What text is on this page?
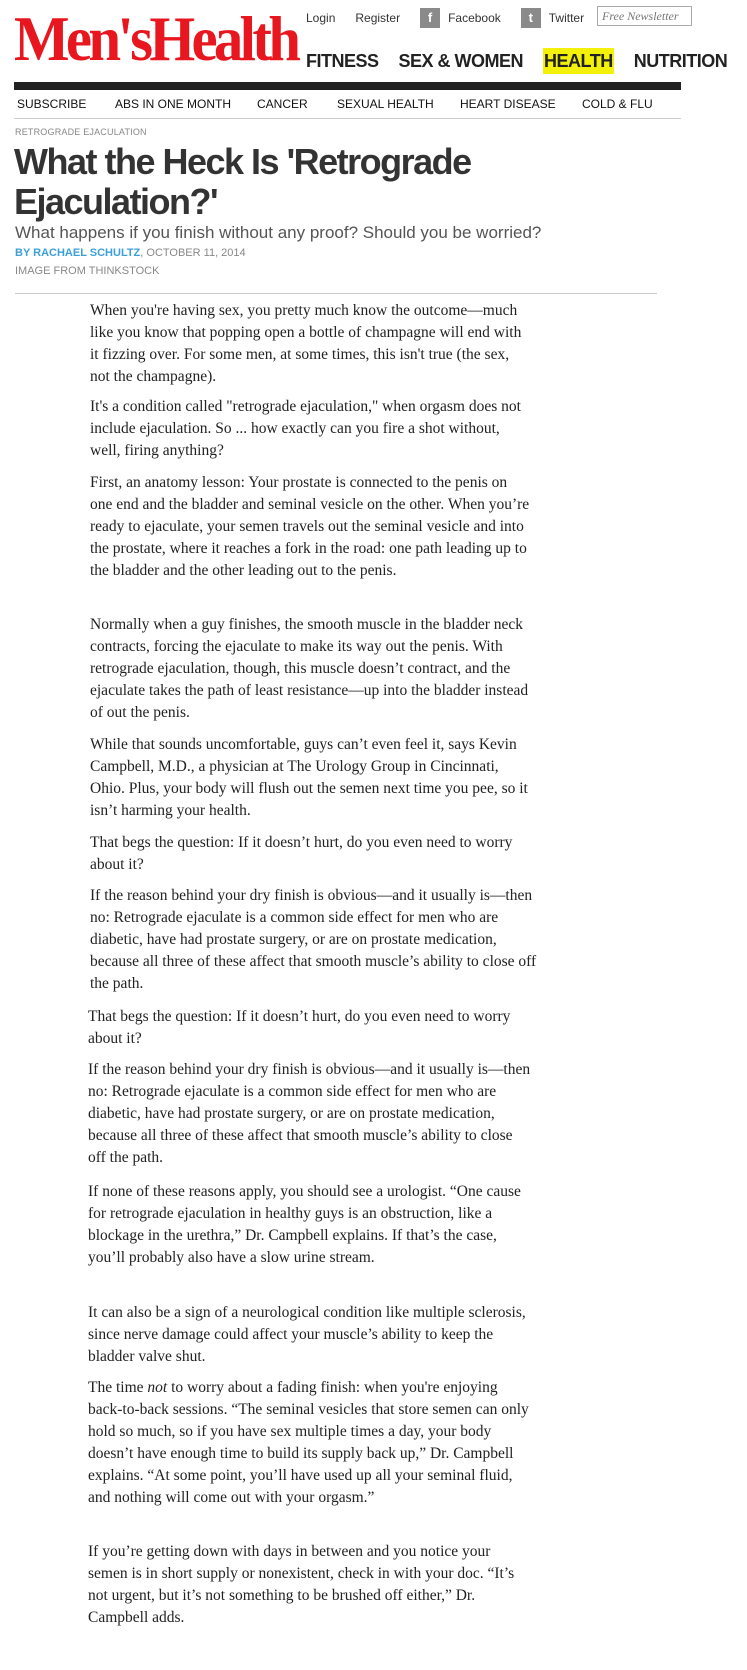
Men'sHealth Login Register	f	Facebook	t	Twitter
Free Newsletter
FITNESS SEX & WOMEN HEALTH NUTRITION
SUBSCRIBE	ABS IN ONE MONTH	CANCER	SEXUAL HEALTH	HEART DISEASE	COLD & FLU
RETROGRADE EJACULATION
What the Heck Is 'Retrograde Ejaculation?'
What happens if you finish without any proof? Should you be worried?
BY RACHAEL SCHULTZ, OCTOBER 11, 2014
IMAGE FROM THINKSTOCK

When you're having sex, you pretty much know the outcome—much like you know that popping open a bottle of champagne will end with it fizzing over. For some men, at some times, this isn't true (the sex, not the champagne).

It's a condition called "retrograde ejaculation," when orgasm does not include ejaculation. So ... how exactly can you fire a shot without, well, firing anything?

First, an anatomy lesson: Your prostate is connected to the penis on one end and the bladder and seminal vesicle on the other. When you’re ready to ejaculate, your semen travels out the seminal vesicle and into the prostate, where it reaches a fork in the road: one path leading up to the bladder and the other leading out to the penis.

Normally when a guy finishes, the smooth muscle in the bladder neck contracts, forcing the ejaculate to make its way out the penis. With retrograde ejaculation, though, this muscle doesn’t contract, and the ejaculate takes the path of least resistance—up into the bladder instead of out the penis.

While that sounds uncomfortable, guys can’t even feel it, says Kevin Campbell, M.D., a physician at The Urology Group in Cincinnati, Ohio. Plus, your body will flush out the semen next time you pee, so it isn’t harming your health.

That begs the question: If it doesn’t hurt, do you even need to worry about it?

If the reason behind your dry finish is obvious—and it usually is—then no: Retrograde ejaculate is a common side effect for men who are diabetic, have had prostate surgery, or are on prostate medication, because all three of these affect that smooth muscle’s ability to close off the path.

That begs the question: If it doesn’t hurt, do you even need to worry about it?

If the reason behind your dry finish is obvious—and it usually is—then no: Retrograde ejaculate is a common side effect for men who are diabetic, have had prostate surgery, or are on prostate medication, because all three of these affect that smooth muscle’s ability to close off the path.

If none of these reasons apply, you should see a urologist. “One cause for retrograde ejaculation in healthy guys is an obstruction, like a blockage in the urethra,” Dr. Campbell explains. If that’s the case, you’ll probably also have a slow urine stream.

It can also be a sign of a neurological condition like multiple sclerosis, since nerve damage could affect your muscle’s ability to keep the bladder valve shut.

The time not to worry about a fading finish: when you're enjoying back-to-back sessions. “The seminal vesicles that store semen can only hold so much, so if you have sex multiple times a day, your body doesn’t have enough time to build its supply back up,” Dr. Campbell explains. “At some point, you’ll have used up all your seminal fluid, and nothing will come out with your orgasm.”

If you’re getting down with days in between and you notice your semen is in short supply or nonexistent, check in with your doc. “It’s not urgent, but it’s not something to be brushed off either,” Dr. Campbell adds.
